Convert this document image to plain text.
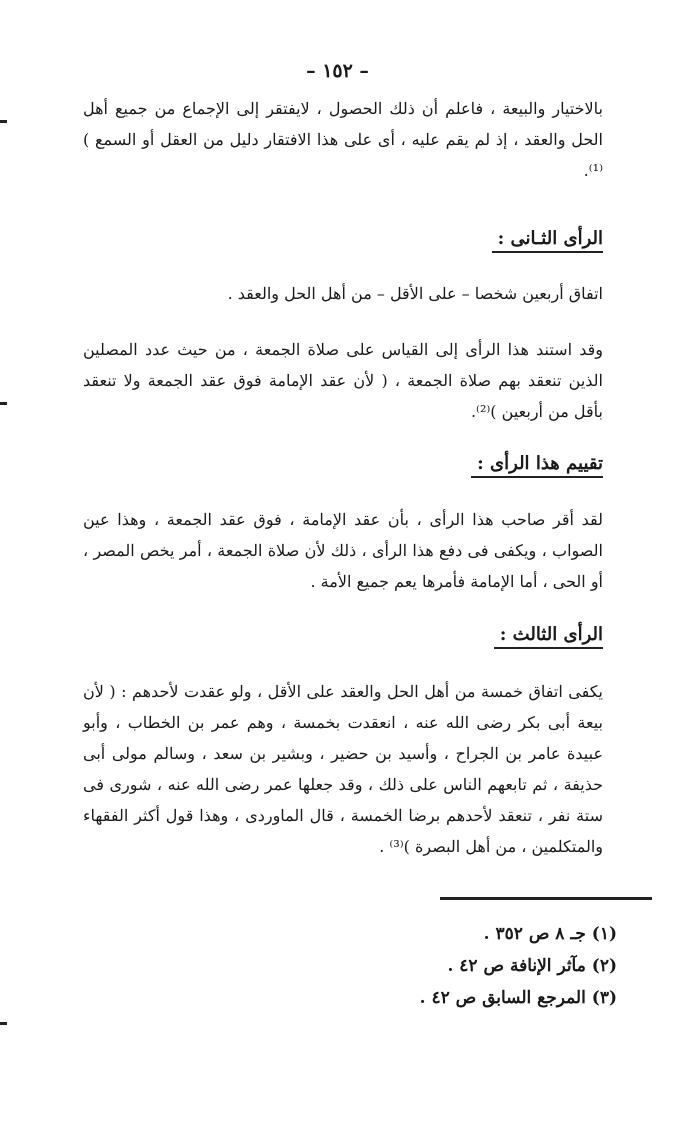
– ١٥٢ –

بالاختيار والبيعة ، فاعلم أن ذلك الحصول ، لايفتقر إلى الإجماع من جميع أهل الحل والعقد ، إذ لم يقم عليه ، أى على هذا الافتقار دليل من العقل أو السمع )⁽¹⁾.

الرأى الثـانى :

اتفاق أربعين شخصا – على الأقل – من أهل الحل والعقد .

وقد استند هذا الرأى إلى القياس على صلاة الجمعة ، من حيث عدد المصلين الذين تنعقد بهم صلاة الجمعة ، ( لأن عقد الإمامة فوق عقد الجمعة ولا تنعقد بأقل من أربعين )⁽²⁾.

تقييم هذا الرأى :

لقد أقر صاحب هذا الرأى ، بأن عقد الإمامة ، فوق عقد الجمعة ، وهذا عين الصواب ، ويكفى فى دفع هذا الرأى ، ذلك لأن صلاة الجمعة ، أمر يخص المصر ، أو الحى ، أما الإمامة فأمرها يعم جميع الأمة .

الرأى الثالث :

يكفى اتفاق خمسة من أهل الحل والعقد على الأقل ، ولو عقدت لأحدهم : ( لأن بيعة أبى بكر رضى الله عنه ، انعقدت بخمسة ، وهم عمر بن الخطاب ، وأبو عبيدة عامر بن الجراح ، وأسيد بن حضير ، وبشير بن سعد ، وسالم مولى أبى حذيفة ، ثم تابعهم الناس على ذلك ، وقد جعلها عمر رضى الله عنه ، شورى فى ستة نفر ، تنعقد لأحدهم برضا الخمسة ، قال الماوردى ، وهذا قول أكثر الفقهاء والمتكلمين ، من أهل البصرة )⁽³⁾ .

(١) جـ ٨ ص ٣٥٢ .
(٢) مآثر الإنافة ص ٤٢ .
(٣) المرجع السابق ص ٤٢ .
